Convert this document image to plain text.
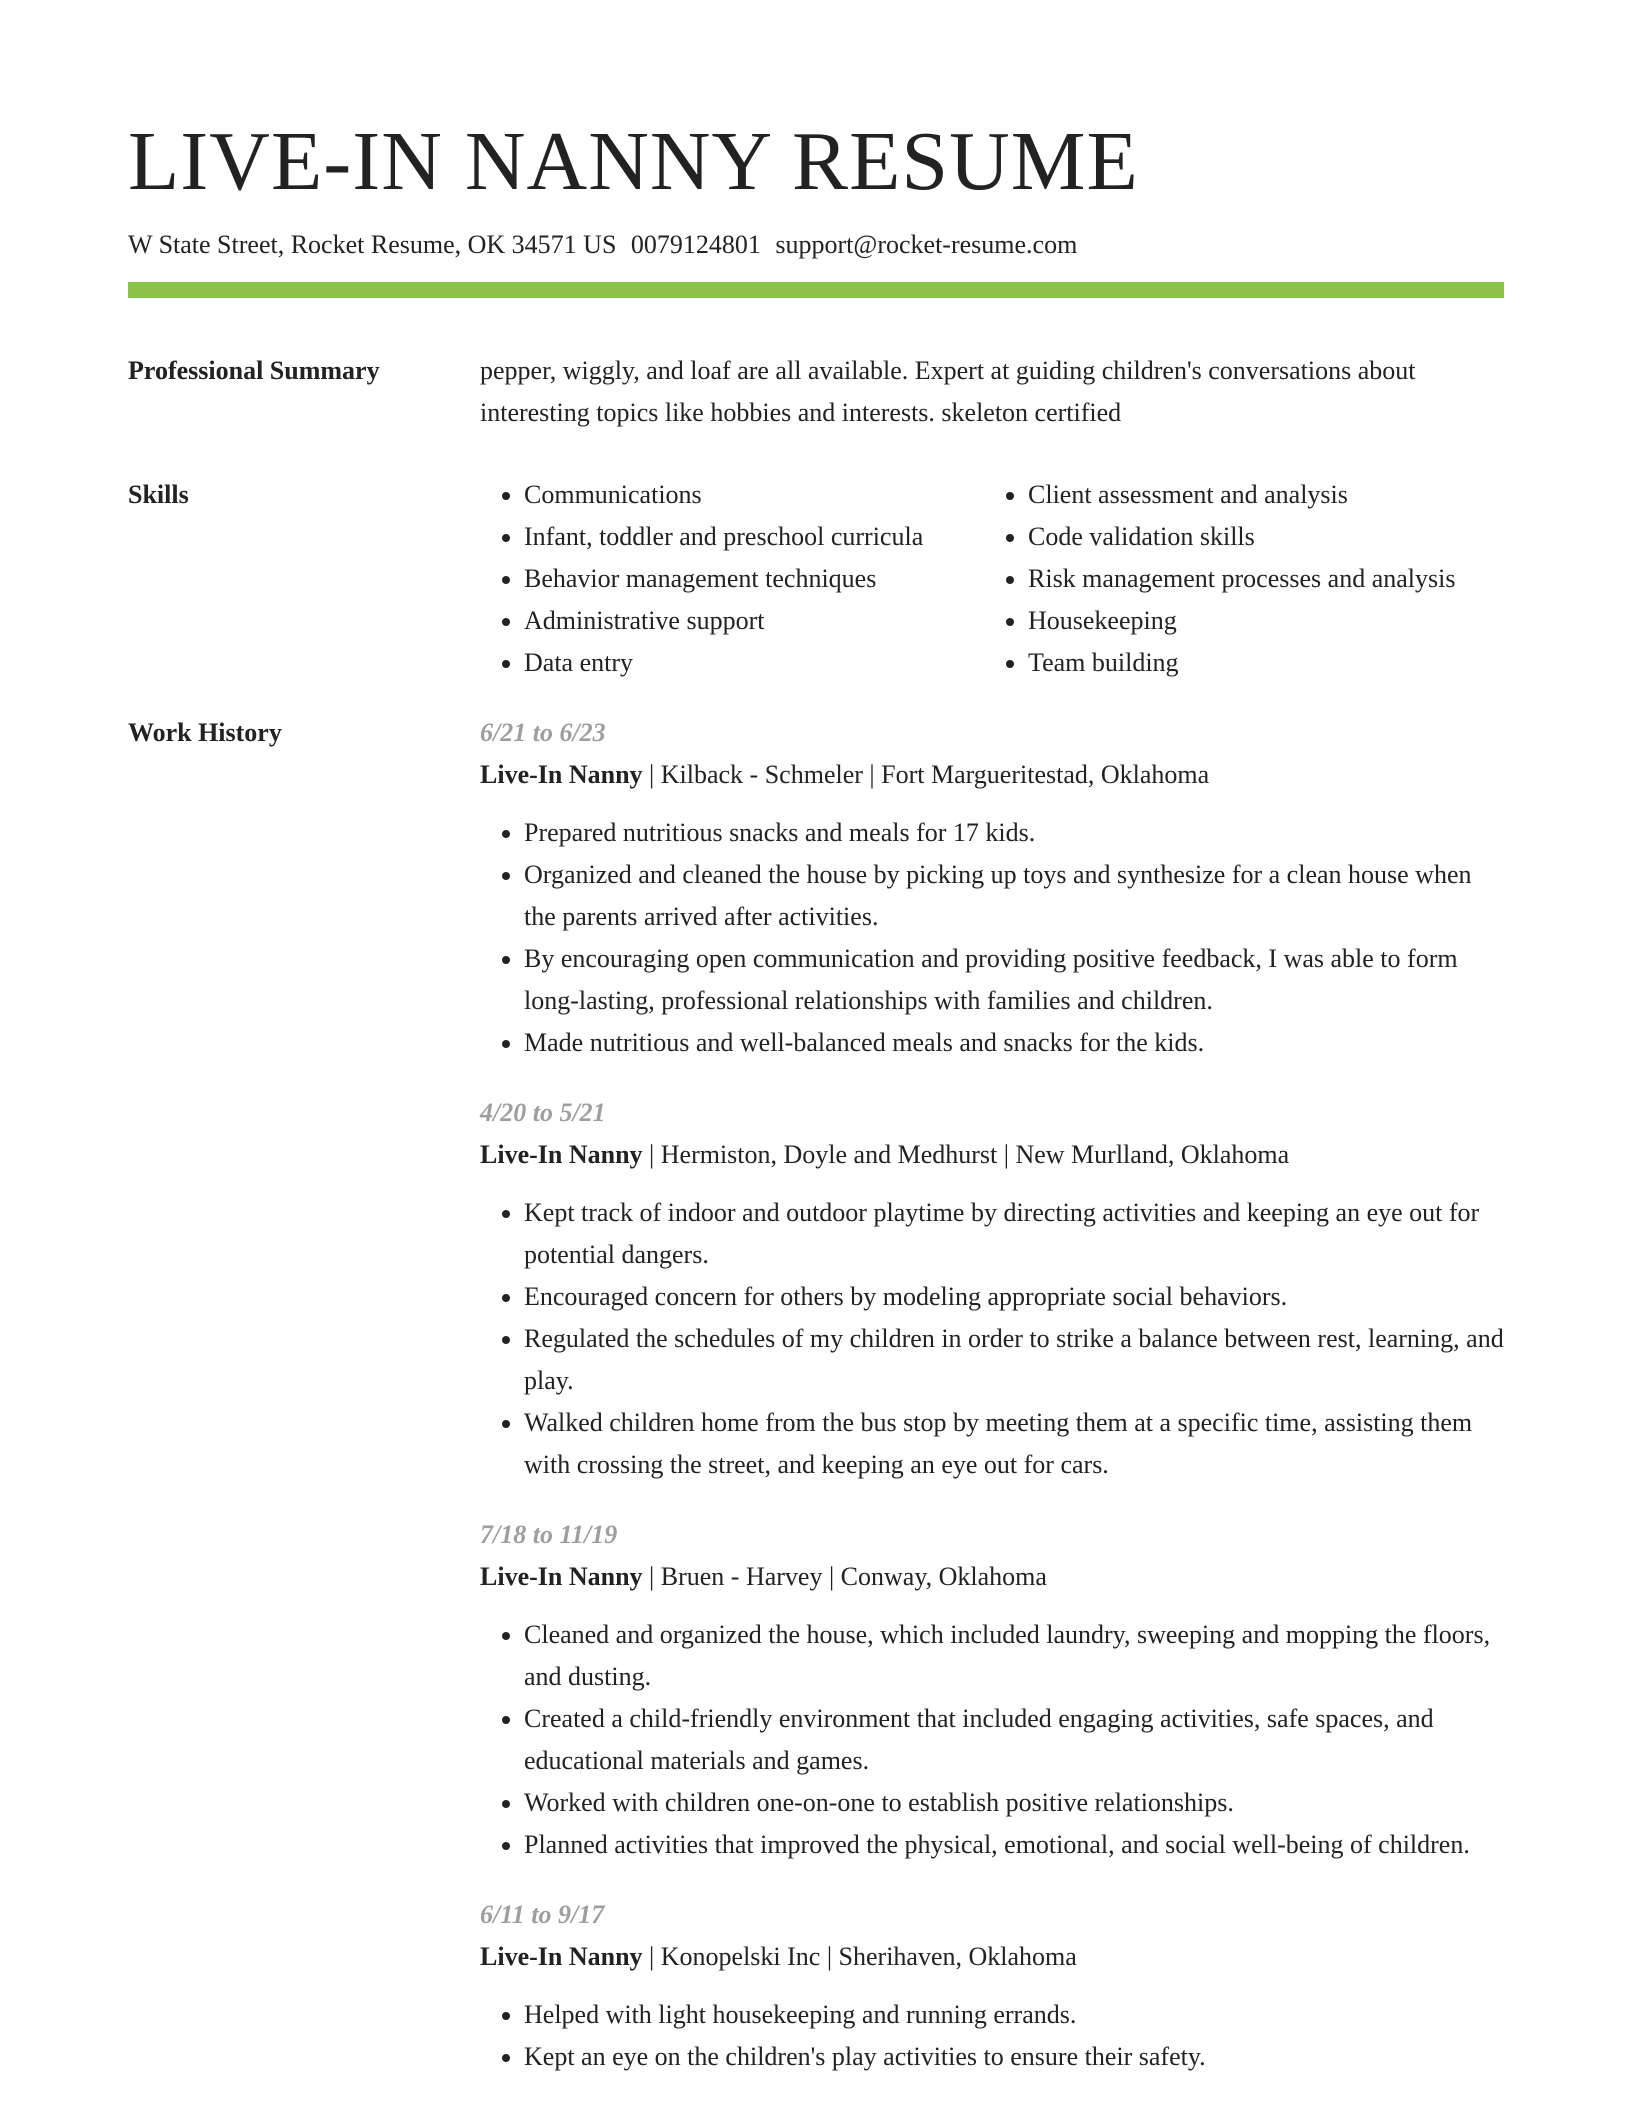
LIVE-IN NANNY RESUME
W State Street, Rocket Resume, OK 34571 US 0079124801 support@rocket-resume.com
Professional Summary	pepper, wiggly, and loaf are all available. Expert at guiding children's conversations about interesting topics like hobbies and interests. skeleton certified
Skills
•	Communications
• Infant, toddler and preschool curricula
• Behavior management techniques
• Administrative support
• Data entry
• Client assessment and analysis
• Code validation skills
• Risk management processes and analysis
• Housekeeping
• Team building
Work History	6/21 to 6/23
Live-In Nanny | Kilback - Schmeler | Fort Margueritestad, Oklahoma
• Prepared nutritious snacks and meals for 17 kids.
• Organized and cleaned the house by picking up toys and synthesize for a clean house when the parents arrived after activities.
• By encouraging open communication and providing positive feedback, I was able to form long-lasting, professional relationships with families and children.
• Made nutritious and well-balanced meals and snacks for the kids.
4/20 to 5/21
Live-In Nanny | Hermiston, Doyle and Medhurst | New Murlland, Oklahoma
• Kept track of indoor and outdoor playtime by directing activities and keeping an eye out for potential dangers.
• Encouraged concern for others by modeling appropriate social behaviors.
• Regulated the schedules of my children in order to strike a balance between rest, learning, and play.
• Walked children home from the bus stop by meeting them at a specific time, assisting them with crossing the street, and keeping an eye out for cars.
7/18 to 11/19
Live-In Nanny | Bruen - Harvey | Conway, Oklahoma
• Cleaned and organized the house, which included laundry, sweeping and mopping the floors, and dusting.
• Created a child-friendly environment that included engaging activities, safe spaces, and educational materials and games.
• Worked with children one-on-one to establish positive relationships.
• Planned activities that improved the physical, emotional, and social well-being of children.
6/11 to 9/17
Live-In Nanny | Konopelski Inc | Sherihaven, Oklahoma
• Helped with light housekeeping and running errands.
• Kept an eye on the children's play activities to ensure their safety.
